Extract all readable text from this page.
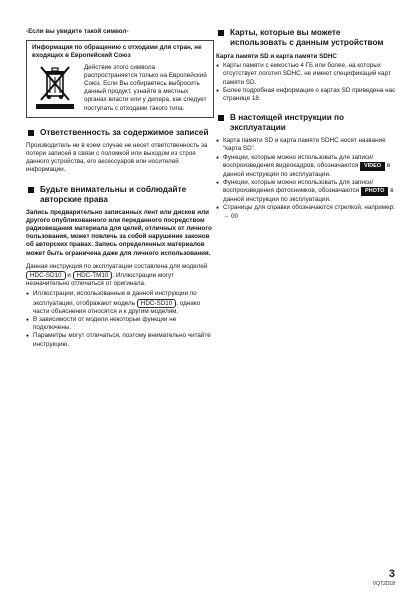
-Если вы увидите такой символ-

Информация по обращению с отходами для стран, не входящих в Европейский Союз
Действие этого символа распространяется только на Европейский Союз. Если Вы собираетесь выбросить данный продукт, узнайте в местных органах власти или у дилера, как следует поступать с отходами такого типа.
Ответственность за содержимое записей

Производитель ни в коем случае не несет ответственность за потери записей в связи с поломкой или выходом из строя данного устройства, его аксессуаров или носителей информации.

Будьте внимательны и соблюдайте авторские права

Запись предварительно записанных лент или дисков или другого опубликованного или переданного посредством радиовещания материала для целей, отличных от личного пользования, может повлечь за собой нарушение законов об авторских правах. Запись определенных материалов может быть ограничена даже для личного использования.

Данная инструкция по эксплуатации составлена для моделей HDC-SD10 и HDC-TM10 . Иллюстрации могут незначительно отличаться от оригинала.

● Иллюстрации, использованные в данной инструкции по эксплуатации, отображают модель HDC-SD10 , однако части объяснения относятся и к другим моделям.
● В зависимости от модели некоторые функции не подключены.
● Параметры могут отличаться, поэтому внимательно читайте инструкцию.
Карты, которые вы можете использовать с данным устройством
Карта памяти SD и карта памяти SDHC
● Карты памяти с емкостью 4 ГБ или более, на которых отсутствует логотип SDHC, не имеют спецификаций карт памяти SD.
● Более подробная информация о картах SD приведена нас странице 18.
В настоящей инструкции по эксплуатации
● Карта памяти SD и карта памяти SDHC носят название “карта SD”.
● Функции, которые можно использовать для записи/воспроизведения видеокадров, обозначаются VIDEO в данной инструкции по эксплуатации.
● Функции, которые можно использовать для записи/воспроизведения фотоснимков, обозначаются PHOTO в данной инструкции по эксплуатации.
● Страницы для справки обозначаются стрелкой, например: → 00
3
VQT2D18
